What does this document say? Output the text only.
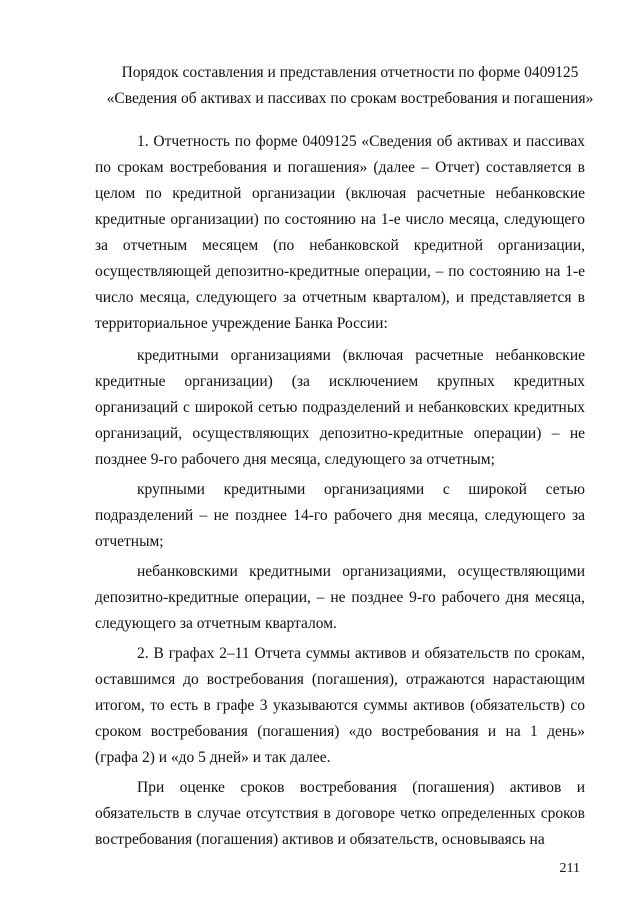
Порядок составления и представления отчетности по форме 0409125
«Сведения об активах и пассивах по срокам востребования и погашения»

1. Отчетность по форме 0409125 «Сведения об активах и пассивах по срокам востребования и погашения» (далее – Отчет) составляется в целом по кредитной организации (включая расчетные небанковские кредитные организации) по состоянию на 1-е число месяца, следующего за отчетным месяцем (по небанковской кредитной организации, осуществляющей депозитно-кредитные операции, – по состоянию на 1-е число месяца, следующего за отчетным кварталом), и представляется в территориальное учреждение Банка России:

кредитными организациями (включая расчетные небанковские кредитные организации) (за исключением крупных кредитных организаций с широкой сетью подразделений и небанковских кредитных организаций, осуществляющих депозитно-кредитные операции) – не позднее 9-го рабочего дня месяца, следующего за отчетным;

крупными кредитными организациями с широкой сетью подразделений – не позднее 14-го рабочего дня месяца, следующего за отчетным;

небанковскими кредитными организациями, осуществляющими депозитно-кредитные операции, – не позднее 9-го рабочего дня месяца, следующего за отчетным кварталом.

2. В графах 2–11 Отчета суммы активов и обязательств по срокам, оставшимся до востребования (погашения), отражаются нарастающим итогом, то есть в графе 3 указываются суммы активов (обязательств) со сроком востребования (погашения) «до востребования и на 1 день» (графа 2) и «до 5 дней» и так далее.

При оценке сроков востребования (погашения) активов и обязательств в случае отсутствия в договоре четко определенных сроков востребования (погашения) активов и обязательств, основываясь на

211
